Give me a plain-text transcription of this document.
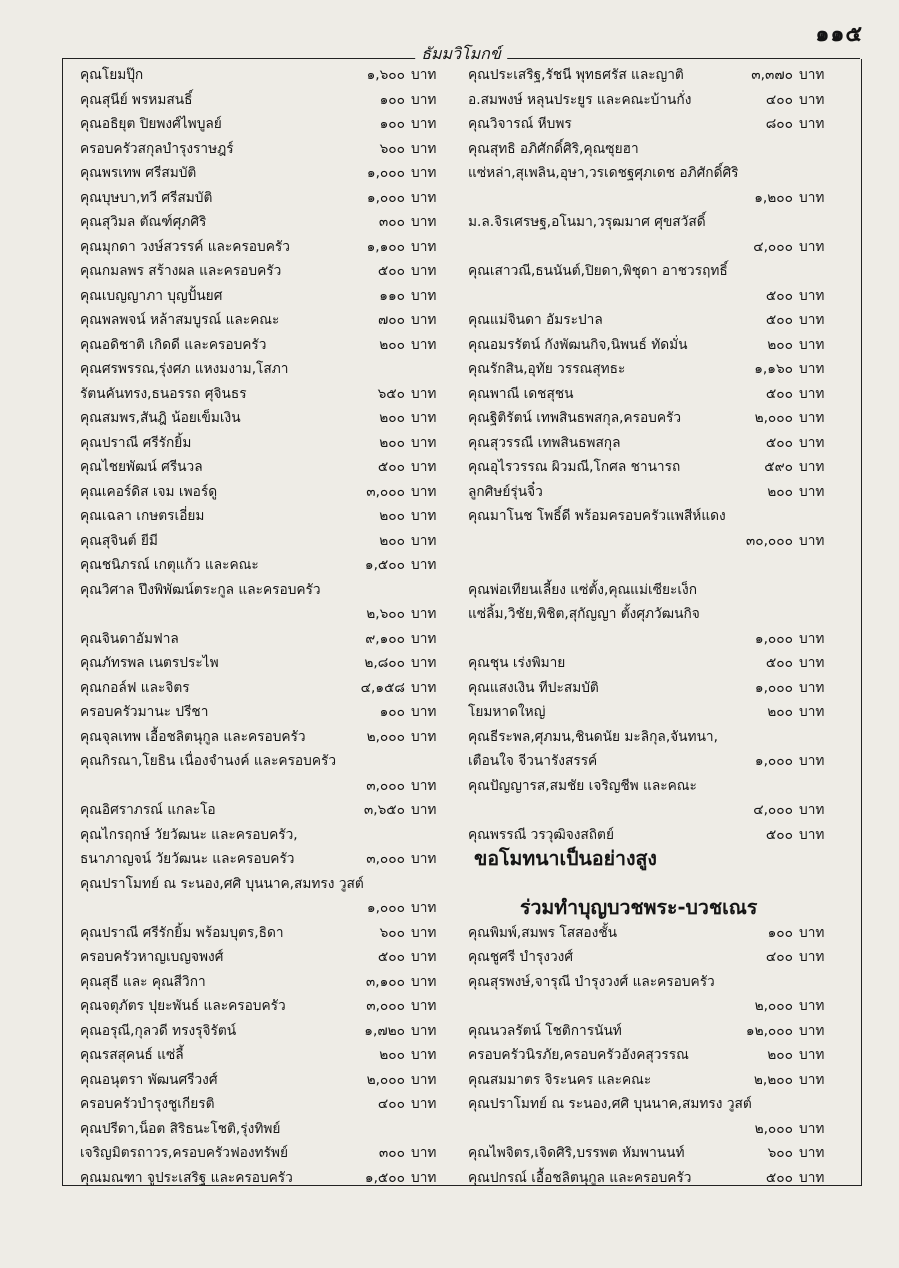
๑๑๕
ธัมมวิโมกข์
คุณโยมปุ๊ก	๑,๖๐๐ บาท
คุณสุนีย์ พรหมสนธิ์	๑๐๐ บาท
คุณอธิยุต ปิยพงศ์ไพบูลย์	๑๐๐ บาท
ครอบครัวสกุลบำรุงราษฎร์	๖๐๐ บาท
คุณพรเทพ ศรีสมบัติ	๑,๐๐๐ บาท
คุณบุษบา,ทวี ศรีสมบัติ	๑,๐๐๐ บาท
คุณสุวิมล ตัณฑ์ศุภศิริ	๓๐๐ บาท
คุณมุกดา วงษ์สวรรค์ และครอบครัว	๑,๑๐๐ บาท
คุณกมลพร สร้างผล และครอบครัว	๕๐๐ บาท
คุณเบญญาภา บุญปั้นยศ	๑๑๐ บาท
คุณพลพจน์ หล้าสมบูรณ์ และคณะ	๗๐๐ บาท
คุณอดิชาติ เกิดดี และครอบครัว	๒๐๐ บาท
คุณศรพรรณ,รุ่งศภ แหงมงาม,โสภา
รัตนคันทรง,ธนอรรถ ศุจินธร	๖๕๐ บาท
คุณสมพร,สันฎิ น้อยเข็มเงิน	๒๐๐ บาท
คุณปราณี ศรีรักยิ้ม	๒๐๐ บาท
คุณไชยพัฒน์ ศรีนวล	๕๐๐ บาท
คุณเคอร์ดิส เจม เพอร์ดู	๓,๐๐๐ บาท
คุณเฉลา เกษตรเอี่ยม	๒๐๐ บาท
คุณสุจินต์ ยีมี	๒๐๐ บาท
คุณชนิภรณ์ เกตุแก้ว และคณะ	๑,๕๐๐ บาท
คุณวิศาล ปึงพิพัฒน์ตระกูล และครอบครัว
๒,๖๐๐ บาท
คุณจินดาอัมฟาล	๙,๑๐๐ บาท
คุณภัทรพล เนตรประไพ	๒,๘๐๐ บาท
คุณกอล์ฟ และจิตร	๔,๑๕๘ บาท
ครอบครัวมานะ ปรีชา	๑๐๐ บาท
คุณจุลเทพ เอื้อชลิตนุกูล และครอบครัว	๒,๐๐๐ บาท
คุณกิรณา,โยธิน เนื่องจำนงค์ และครอบครัว
๓,๐๐๐ บาท
คุณอิศราภรณ์ แกละโอ	๓,๖๕๐ บาท
คุณไกรฤกษ์ วัยวัฒนะ และครอบครัว,
ธนาภาญจน์ วัยวัฒนะ และครอบครัว	๓,๐๐๐ บาท
คุณปราโมทย์ ณ ระนอง,ศศิ บุนนาค,สมทรง วูสต์
๑,๐๐๐ บาท
คุณปราณี ศรีรักยิ้ม พร้อมบุตร,ธิดา	๖๐๐ บาท
ครอบครัวหาญเบญจพงศ์	๕๐๐ บาท
คุณสุธี และ คุณสีวิกา	๓,๑๐๐ บาท
คุณจตุภัตร ปุยะพันธ์ และครอบครัว	๓,๐๐๐ บาท
คุณอรุณี,กุลวดี ทรงรุจิรัตน์	๑,๗๒๐ บาท
คุณรสสุคนธ์ แซ่ลี้	๒๐๐ บาท
คุณอนุตรา พัฒนศรีวงศ์	๒,๐๐๐ บาท
ครอบครัวบำรุงชูเกียรติ	๔๐๐ บาท
คุณปรีดา,น็อต สิริธนะโชติ,รุ่งทิพย์
เจริญมิตรถาวร,ครอบครัวฟองทรัพย์	๓๐๐ บาท
คุณมณฑา จูประเสริฐ และครอบครัว	๑,๕๐๐ บาท
คุณประเสริฐ,รัชนี พุทธศรัส และญาติ	๓,๓๗๐ บาท
อ.สมพงษ์ หลุนประยูร และคณะบ้านกั่ง	๔๐๐ บาท
คุณวิจารณ์ หีบพร	๘๐๐ บาท
คุณสุทธิ อภิศักดิ์ศิริ,คุณซุยฮา
แซ่หล่า,สุเพลิน,อุษา,วรเดชฐศุภเดช อภิศักดิ์ศิริ
๑,๒๐๐ บาท
ม.ล.จิรเศรษฐ,อโนมา,วรุฒมาศ ศุขสวัสดิ์
๔,๐๐๐ บาท
คุณเสาวณี,ธนนันต์,ปิยดา,พิชุดา อาชวรฤทธิ์
๕๐๐ บาท
คุณแม่จินดา อัมระปาล	๕๐๐ บาท
คุณอมรรัตน์ กังพัฒนกิจ,นิพนธ์ ทัดมั่น	๒๐๐ บาท
คุณรักสิน,อุทัย วรรณสุทธะ	๑,๑๖๐ บาท
คุณพาณี เดชสุชน	๕๐๐ บาท
คุณฐิติรัตน์ เทพสินธพสกุล,ครอบครัว	๒,๐๐๐ บาท
คุณสุวรรณี เทพสินธพสกุล	๕๐๐ บาท
คุณอุไรวรรณ ผิวมณี,โกศล ชานารถ	๕๙๐ บาท
ลูกศิษย์รุ่นจิ๋ว	๒๐๐ บาท
คุณมาโนช โพธิ์ดี พร้อมครอบครัวแพสีห์แดง
๓๐,๐๐๐ บาท
คุณพ่อเทียนเลี้ยง แซ่ตั้ง,คุณแม่เซียะเง็ก
แซ่ลิ้ม,วิชัย,พิชิต,สุกัญญา ตั้งศุภวัฒนกิจ
๑,๐๐๐ บาท
คุณชุน เร่งพิมาย	๕๐๐ บาท
คุณแสงเงิน ทีปะสมบัติ	๑,๐๐๐ บาท
โยมหาดใหญ่	๒๐๐ บาท
คุณธีระพล,ศุภมน,ชินดนัย มะลิกุล,จันทนา,
เตือนใจ จีวนารังสรรค์	๑,๐๐๐ บาท
คุณปัญญารส,สมชัย เจริญชีพ และคณะ
๔,๐๐๐ บาท
คุณพรรณี วรวุฒิจงสถิตย์	๕๐๐ บาท
ขอโมทนาเป็นอย่างสูง
ร่วมทำบุญบวชพระ-บวชเณร
คุณพิมพ์,สมพร โสสองชั้น	๑๐๐ บาท
คุณชูศรี บำรุงวงศ์	๔๐๐ บาท
คุณสุรพงษ์,จารุณี บำรุงวงศ์ และครอบครัว
๒,๐๐๐ บาท
คุณนวลรัตน์ โชติการนันท์	๑๒,๐๐๐ บาท
ครอบครัวนิรภัย,ครอบครัวอังคสุวรรณ	๒๐๐ บาท
คุณสมมาตร จิระนคร และคณะ	๒,๒๐๐ บาท
คุณปราโมทย์ ณ ระนอง,ศศิ บุนนาค,สมทรง วูสต์
๒,๐๐๐ บาท
คุณไพจิตร,เจิดศิริ,บรรพต หัมพานนท์	๖๐๐ บาท
คุณปกรณ์ เอื้อชลิตนุกูล และครอบครัว	๕๐๐ บาท
